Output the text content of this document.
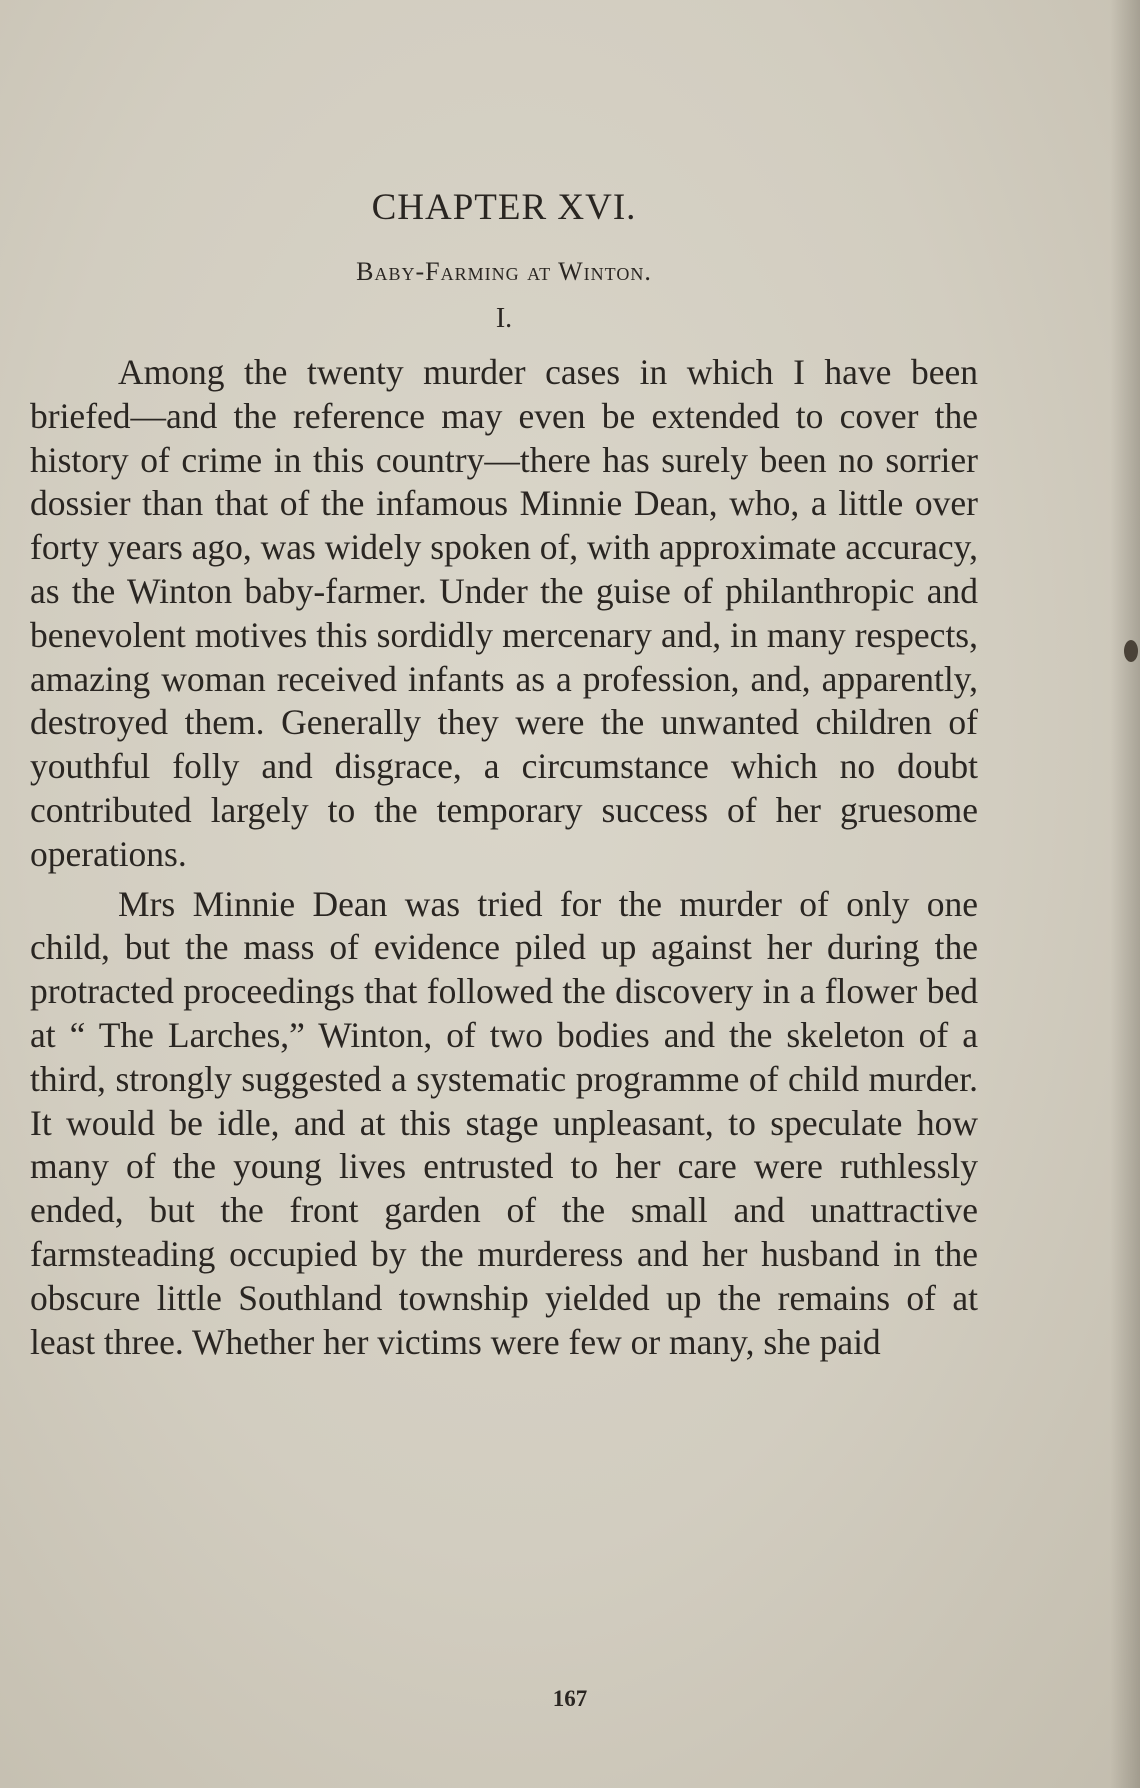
CHAPTER XVI.
Baby-Farming at Winton.
I.

Among the twenty murder cases in which I have been briefed—and the reference may even be extended to cover the history of crime in this country—there has surely been no sorrier dossier than that of the infamous Minnie Dean, who, a little over forty years ago, was widely spoken of, with approximate accuracy, as the Winton baby-farmer. Under the guise of philanthropic and benevolent motives this sordidly mercenary and, in many respects, amazing woman received infants as a profession, and, apparently, destroyed them. Generally they were the unwanted children of youthful folly and disgrace, a circumstance which no doubt contributed largely to the temporary success of her gruesome operations.

Mrs Minnie Dean was tried for the murder of only one child, but the mass of evidence piled up against her during the protracted proceedings that followed the discovery in a flower bed at “ The Larches,” Winton, of two bodies and the skeleton of a third, strongly suggested a systematic programme of child murder. It would be idle, and at this stage unpleasant, to speculate how many of the young lives entrusted to her care were ruthlessly ended, but the front garden of the small and unattractive farmsteading occupied by the murderess and her husband in the obscure little Southland township yielded up the remains of at least three. Whether her victims were few or many, she paid

167
